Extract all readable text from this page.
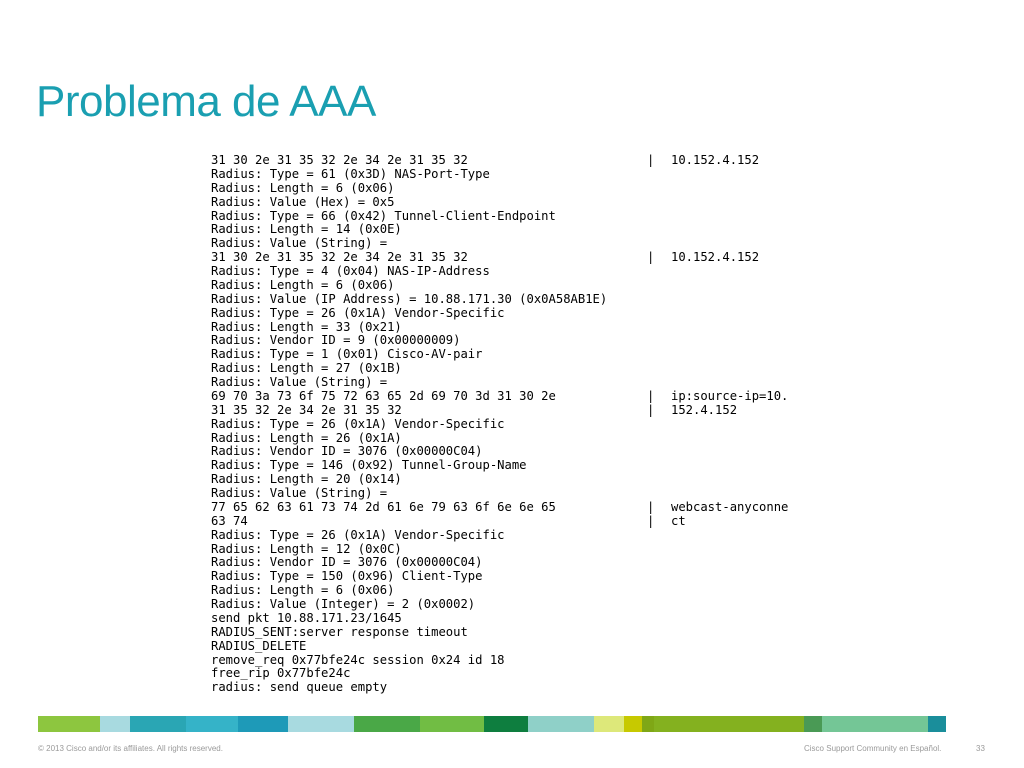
Problema de AAA
31 30 2e 31 35 32 2e 34 2e 31 35 32	| 10.152.4.152
Radius: Type = 61 (0x3D) NAS-Port-Type
Radius: Length = 6 (0x06)
Radius: Value (Hex) = 0x5
Radius: Type = 66 (0x42) Tunnel-Client-Endpoint
Radius: Length = 14 (0x0E)
Radius: Value (String) =
31 30 2e 31 35 32 2e 34 2e 31 35 32	| 10.152.4.152
Radius: Type = 4 (0x04) NAS-IP-Address
Radius: Length = 6 (0x06)
Radius: Value (IP Address) = 10.88.171.30 (0x0A58AB1E)
Radius: Type = 26 (0x1A) Vendor-Specific
Radius: Length = 33 (0x21)
Radius: Vendor ID = 9 (0x00000009)
Radius: Type = 1 (0x01) Cisco-AV-pair
Radius: Length = 27 (0x1B)
Radius: Value (String) =
69 70 3a 73 6f 75 72 63 65 2d 69 70 3d 31 30 2e	| ip:source-ip=10.
31 35 32 2e 34 2e 31 35 32	| 152.4.152
Radius: Type = 26 (0x1A) Vendor-Specific
Radius: Length = 26 (0x1A)
Radius: Vendor ID = 3076 (0x00000C04)
Radius: Type = 146 (0x92) Tunnel-Group-Name
Radius: Length = 20 (0x14)
Radius: Value (String) =
77 65 62 63 61 73 74 2d 61 6e 79 63 6f 6e 6e 65	| webcast-anyconne
63 74	| ct
Radius: Type = 26 (0x1A) Vendor-Specific
Radius: Length = 12 (0x0C)
Radius: Vendor ID = 3076 (0x00000C04)
Radius: Type = 150 (0x96) Client-Type
Radius: Length = 6 (0x06)
Radius: Value (Integer) = 2 (0x0002)
send pkt 10.88.171.23/1645
RADIUS_SENT:server response timeout
RADIUS_DELETE
remove_req 0x77bfe24c session 0x24 id 18
free_rip 0x77bfe24c
radius: send queue empty
© 2013 Cisco and/or its affiliates. All rights reserved.	Cisco Support Community en Español.	33
